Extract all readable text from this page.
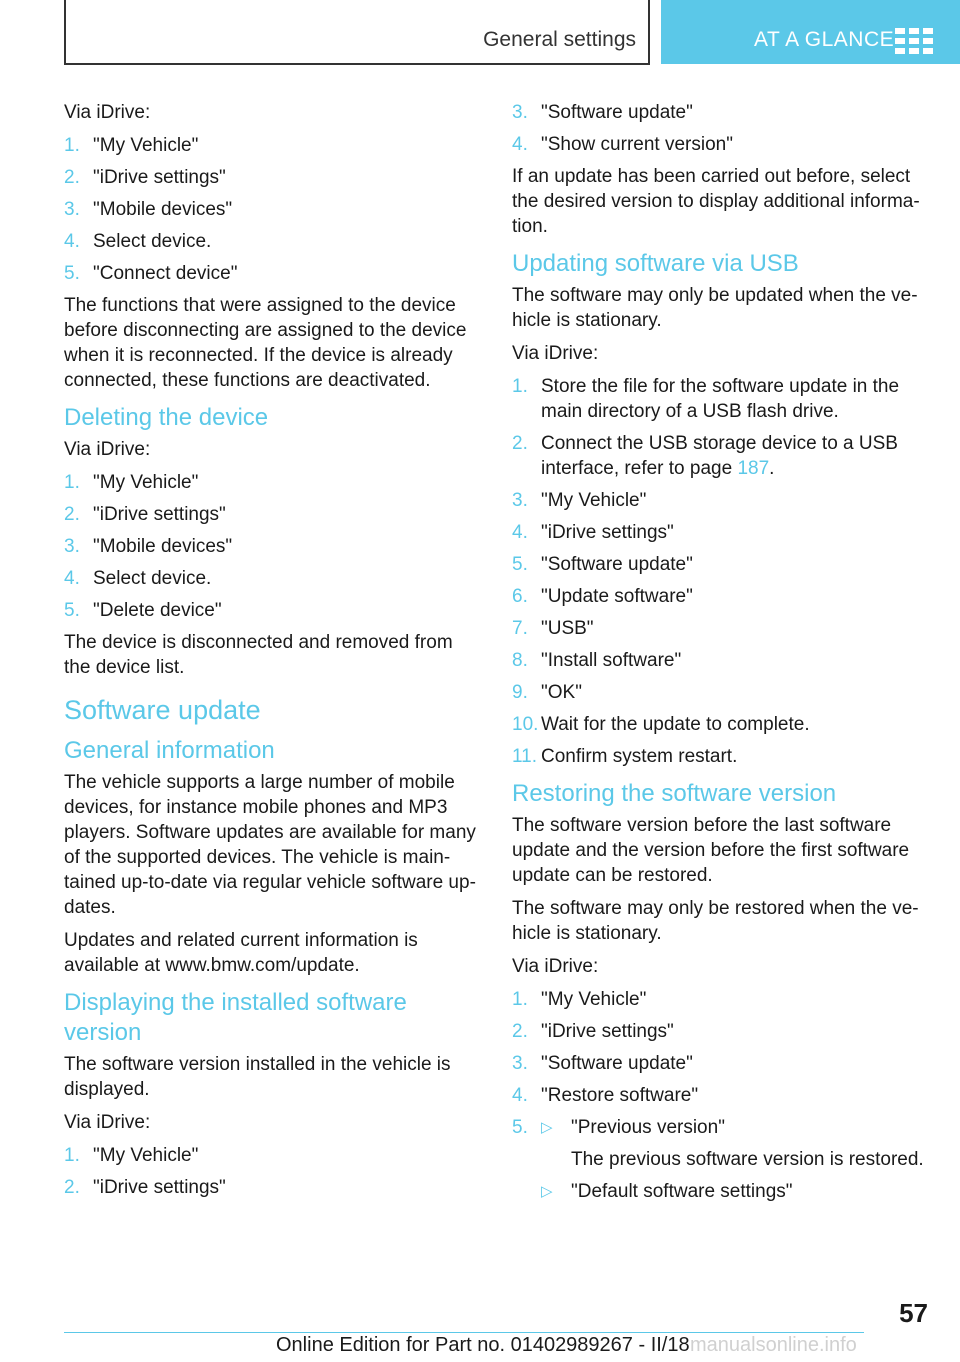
General settings	AT A GLANCE

Via iDrive:

1. "My Vehicle"
2. "iDrive settings"
3. "Mobile devices"
4. Select device.
5. "Connect device"

The functions that were assigned to the device before disconnecting are assigned to the device when it is reconnected. If the device is already connected, these functions are deactivated.

Deleting the device

Via iDrive:

1. "My Vehicle"
2. "iDrive settings"
3. "Mobile devices"
4. Select device.
5. "Delete device"

The device is disconnected and removed from the device list.

Software update
General information

The vehicle supports a large number of mobile devices, for instance mobile phones and MP3 players. Software updates are available for many of the supported devices. The vehicle is maintained up-to-date via regular vehicle software updates.

Updates and related current information is available at www.bmw.com/update.

Displaying the installed software version

The software version installed in the vehicle is displayed.

Via iDrive:

1. "My Vehicle"
2. "iDrive settings"
3. "Software update"
4. "Show current version"

If an update has been carried out before, select the desired version to display additional information.

Updating software via USB

The software may only be updated when the vehicle is stationary.

Via iDrive:

1. Store the file for the software update in the main directory of a USB flash drive.
2. Connect the USB storage device to a USB interface, refer to page 187.
3. "My Vehicle"
4. "iDrive settings"
5. "Software update"
6. "Update software"
7. "USB"
8. "Install software"
9. "OK"
10. Wait for the update to complete.
11. Confirm system restart.
Restoring the software version

The software version before the last software update and the version before the first software update can be restored.

The software may only be restored when the vehicle is stationary.

Via iDrive:

1. "My Vehicle"
2. "iDrive settings"
3. "Software update"
4. "Restore software"
5. ▷ "Previous version"
The previous software version is restored.
▷ "Default software settings"
57
Online Edition for Part no. 01402989267 - II/18 manualsonline.info
